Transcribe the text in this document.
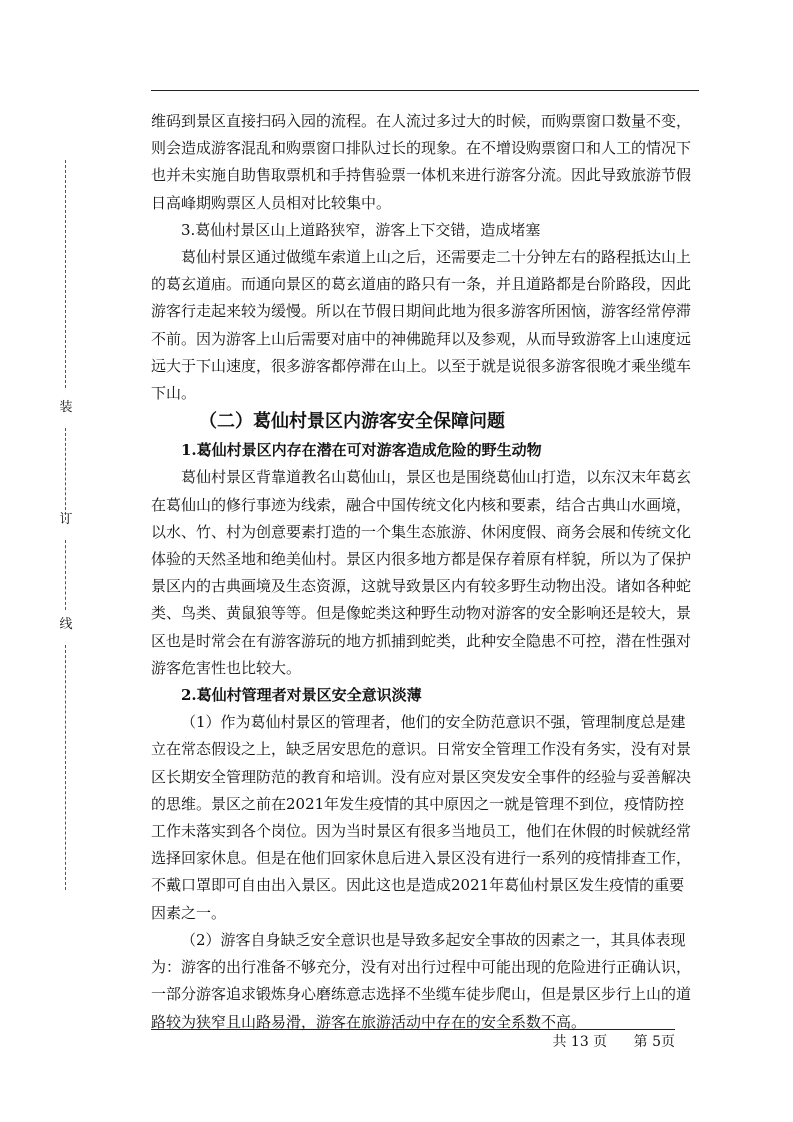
装
订
线

维码到景区直接扫码入园的流程。在人流过多过大的时候，而购票窗口数量不变，则会造成游客混乱和购票窗口排队过长的现象。在不增设购票窗口和人工的情况下也并未实施自助售取票机和手持售验票一体机来进行游客分流。因此导致旅游节假日高峰期购票区人员相对比较集中。

3.葛仙村景区山上道路狭窄，游客上下交错，造成堵塞

葛仙村景区通过做缆车索道上山之后，还需要走二十分钟左右的路程抵达山上的葛玄道庙。而通向景区的葛玄道庙的路只有一条，并且道路都是台阶路段，因此游客行走起来较为缓慢。所以在节假日期间此地为很多游客所困恼，游客经常停滞不前。因为游客上山后需要对庙中的神佛跪拜以及参观，从而导致游客上山速度远远大于下山速度，很多游客都停滞在山上。以至于就是说很多游客很晚才乘坐缆车下山。

（二）葛仙村景区内游客安全保障问题

1.葛仙村景区内存在潜在可对游客造成危险的野生动物

葛仙村景区背靠道教名山葛仙山，景区也是围绕葛仙山打造，以东汉末年葛玄在葛仙山的修行事迹为线索，融合中国传统文化内核和要素，结合古典山水画境，以水、竹、村为创意要素打造的一个集生态旅游、休闲度假、商务会展和传统文化体验的天然圣地和绝美仙村。景区内很多地方都是保存着原有样貌，所以为了保护景区内的古典画境及生态资源，这就导致景区内有较多野生动物出没。诸如各种蛇类、鸟类、黄鼠狼等等。但是像蛇类这种野生动物对游客的安全影响还是较大，景区也是时常会在有游客游玩的地方抓捕到蛇类，此种安全隐患不可控，潜在性强对游客危害性也比较大。

2.葛仙村管理者对景区安全意识淡薄

（1）作为葛仙村景区的管理者，他们的安全防范意识不强，管理制度总是建立在常态假设之上，缺乏居安思危的意识。日常安全管理工作没有务实，没有对景区长期安全管理防范的教育和培训。没有应对景区突发安全事件的经验与妥善解决的思维。景区之前在2021年发生疫情的其中原因之一就是管理不到位，疫情防控工作未落实到各个岗位。因为当时景区有很多当地员工，他们在休假的时候就经常选择回家休息。但是在他们回家休息后进入景区没有进行一系列的疫情排查工作，不戴口罩即可自由出入景区。因此这也是造成2021年葛仙村景区发生疫情的重要因素之一。

（2）游客自身缺乏安全意识也是导致多起安全事故的因素之一，其具体表现为：游客的出行准备不够充分，没有对出行过程中可能出现的危险进行正确认识，一部分游客追求锻炼身心磨练意志选择不坐缆车徒步爬山，但是景区步行上山的道路较为狭窄且山路易滑，游客在旅游活动中存在的安全系数不高。

共 13 页 第 5页
